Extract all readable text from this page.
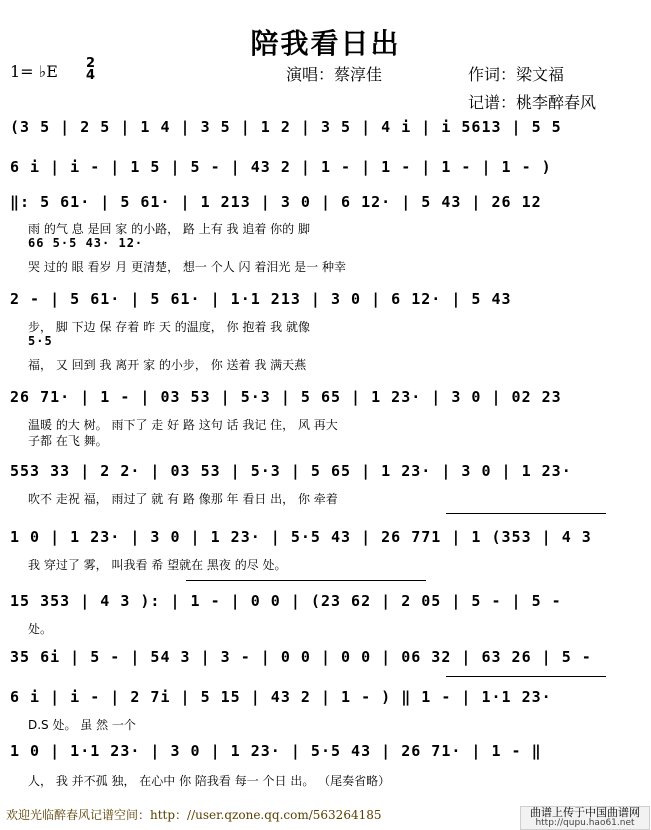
陪我看日出
1= ♭E 2
4	演唱：蔡淳佳	作词：梁文福
记谱：桃李醉春风
(3 5 | 2 5 | 1 4 | 3 5 | 1 2 | 3 5 | 4 i | i 5613 | 5 5
6 i | i - | 1 5 | 5 - | 43 2 | 1 - | 1 - | 1 - | 1 - )
‖: 5 61· | 5 61· | 1 213 | 3 0 | 6 12· | 5 43 | 26 12
雨 的气 息 是回 家 的小路， 路 上有 我 追着 你的 脚
66 5·5 43· 12·
哭 过的 眼 看岁 月 更清楚， 想一 个人 闪 着泪光 是一 种幸
2 - | 5 61· | 5 61· | 1·1 213 | 3 0 | 6 12· | 5 43
步， 脚 下边 保 存着 昨 天 的温度， 你 抱着 我 就像
5·5
福， 又 回到 我 离开 家 的小步， 你 送着 我 满天燕
26 71· | 1 - | 03 53 | 5·3 | 5 65 | 1 23· | 3 0 | 02 23
温暖 的大 树。 雨下了 走 好 路 这句 话 我记 住， 风 再大
子都 在飞 舞。
553 33 | 2 2· | 03 53 | 5·3 | 5 65 | 1 23· | 3 0 | 1 23·
吹不 走祝 福， 雨过了 就 有 路 像那 年 看日 出， 你 牵着
1 0 | 1 23· | 3 0 | 1 23· | 5·5 43 | 26 771 | 1 (353 | 4 3
我 穿过了 雾， 叫我看 希 望就在 黑夜 的尽 处。
15 353 | 4 3 ): | 1 - | 0 0 | (23 62 | 2 05 | 5 - | 5 -
处。
35 6i | 5 - | 54 3 | 3 - | 0 0 | 0 0 | 06 32 | 63 26 | 5 -
6 i | i - | 2 7i | 5 15 | 43 2 | 1 - ) ‖ 1 - | 1·1 23·
D.S 处。 虽 然 一个
1 0 | 1·1 23· | 3 0 | 1 23· | 5·5 43 | 26 71· | 1 - ‖
人， 我 并不孤 独， 在心中 你 陪我看 每一 个日 出。 （尾奏省略）
欢迎光临醉春风记谱空间：http：//user.qzone.qq.com/563264185	曲谱上传于中国曲谱网
http://qupu.hao61.net
